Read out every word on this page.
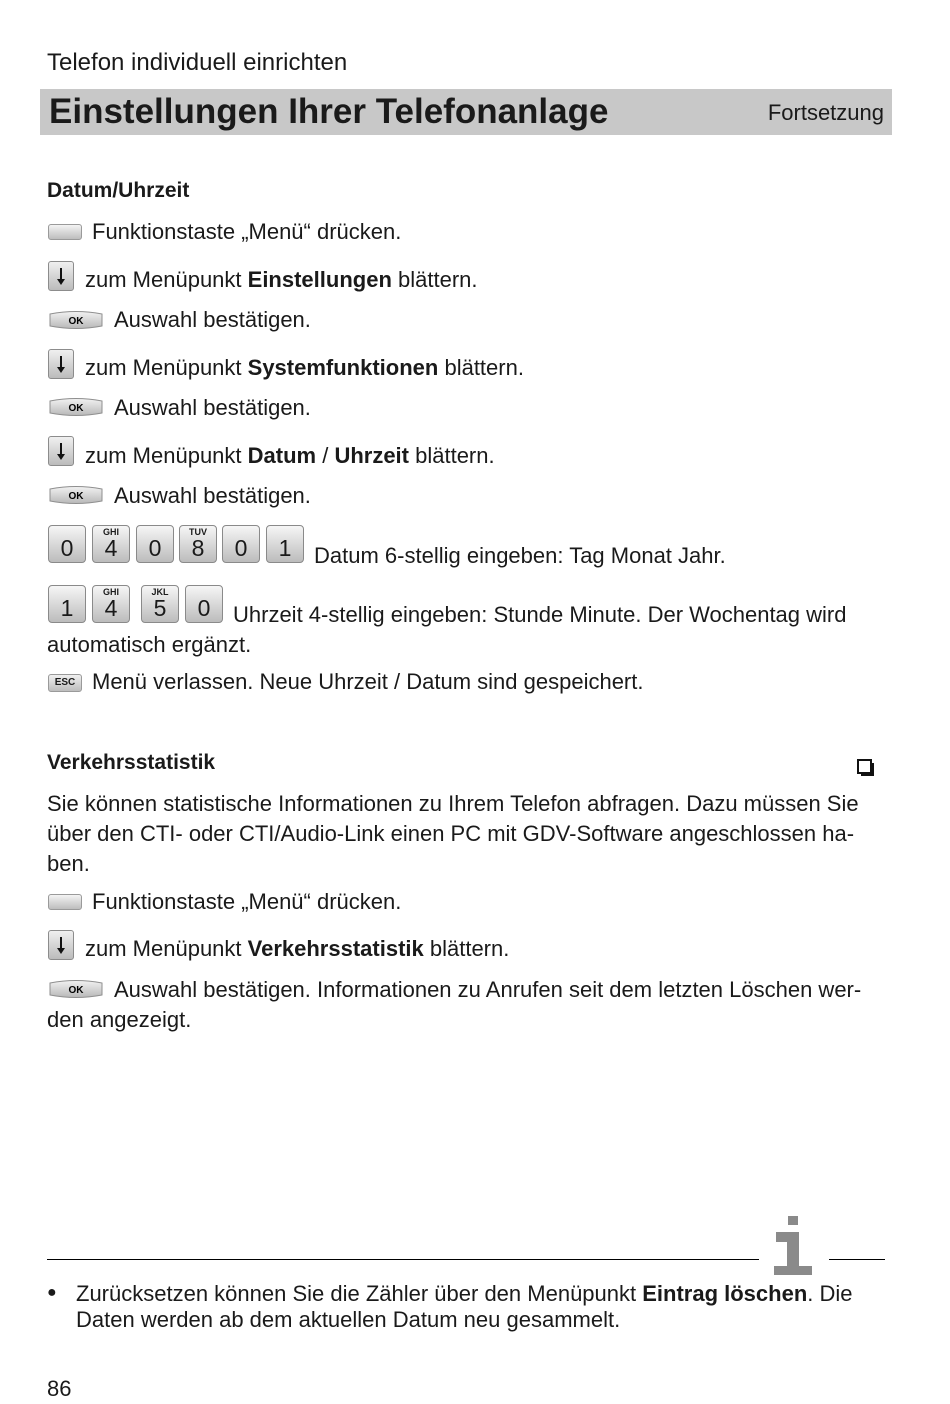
Telefon individuell einrichten
Einstellungen Ihrer Telefonanlage	Fortsetzung
Datum/Uhrzeit
Funktionstaste „Menü“ drücken.
zum Menüpunkt Einstellungen blättern.
OK Auswahl bestätigen.
zum Menüpunkt Systemfunktionen blättern.
OK Auswahl bestätigen.
zum Menüpunkt Datum / Uhrzeit blättern.
OK Auswahl bestätigen.
0
GHI
4	0
TUV
8	0	1	Datum 6-stellig eingeben: Tag Monat Jahr.
1
GHI
4
JKL
5	0	Uhrzeit 4-stellig eingeben: Stunde Minute. Der Wochentag wird
automatisch ergänzt.
ESC Menü verlassen. Neue Uhrzeit / Datum sind gespeichert.
Verkehrsstatistik
Sie können statistische Informationen zu Ihrem Telefon abfragen. Dazu müssen Sie
über den CTI- oder CTI/Audio-Link einen PC mit GDV-Software angeschlossen ha-
ben.
Funktionstaste „Menü“ drücken.
zum Menüpunkt Verkehrsstatistik blättern.
OK Auswahl bestätigen. Informationen zu Anrufen seit dem letzten Löschen wer-
den angezeigt.
● Zurücksetzen können Sie die Zähler über den Menüpunkt Eintrag löschen. Die
Daten werden ab dem aktuellen Datum neu gesammelt.
86
